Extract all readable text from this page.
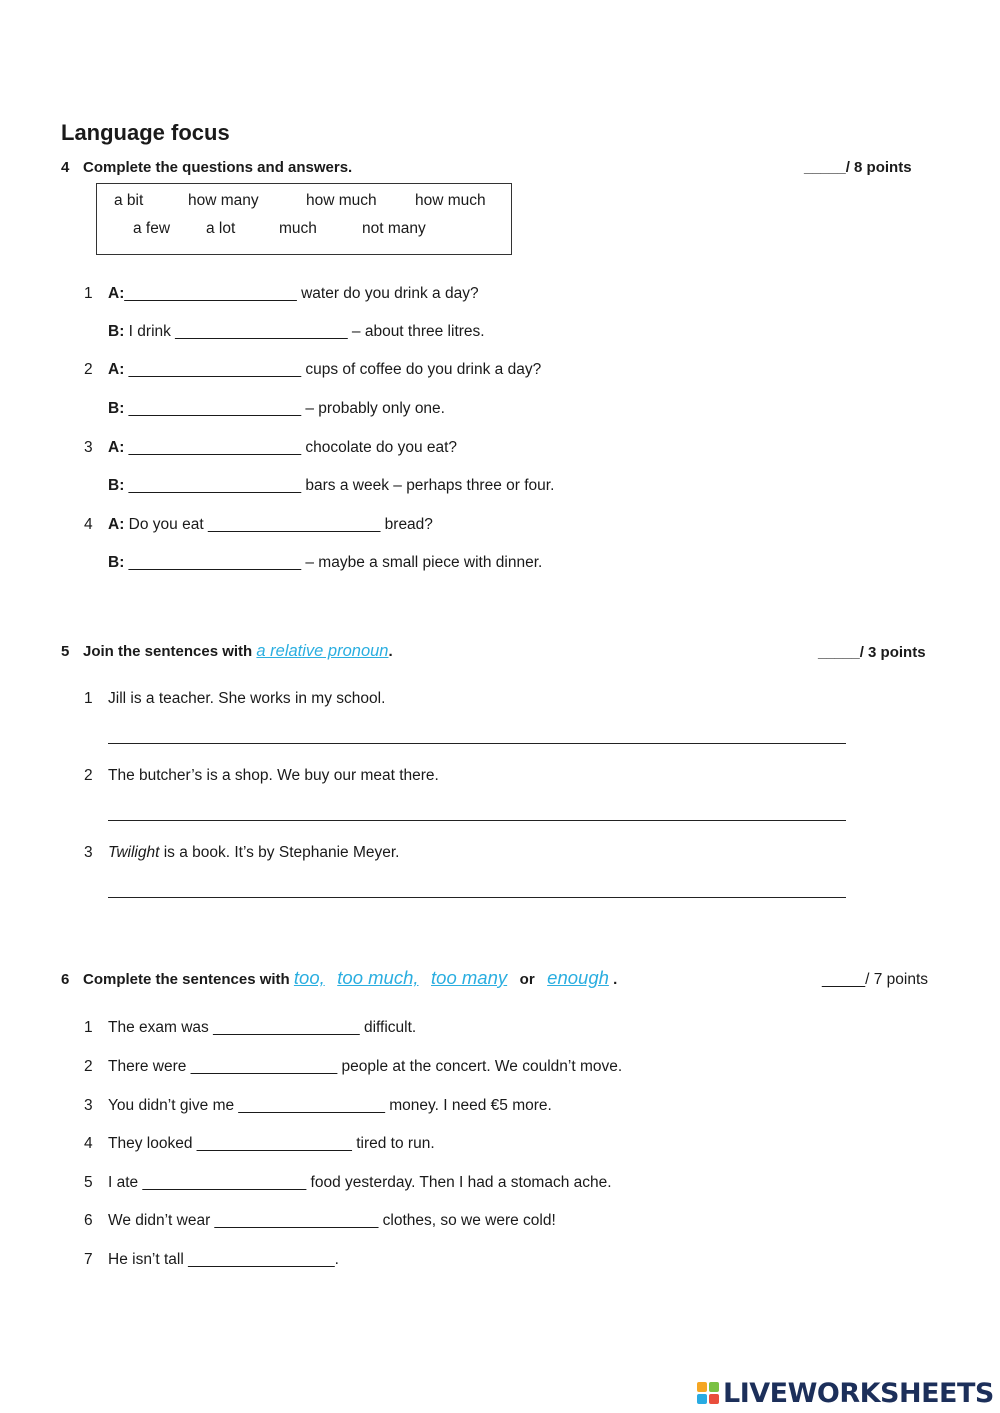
Language focus
4 Complete the questions and answers.	_____/ 8 points
a bit	how many	how much how much
a few a lot	much	not many
1 A:____________________ water do you drink a day?
B: I drink ____________________ – about three litres.
2 A: ____________________ cups of coffee do you drink a day?
B: ____________________ – probably only one.
3 A: ____________________ chocolate do you eat?
B: ____________________ bars a week – perhaps three or four.
4 A: Do you eat ____________________ bread?
B: ____________________ – maybe a small piece with dinner.
5 Join the sentences with a relative pronoun.	_____/ 3 points
1 Jill is a teacher. She works in my school.
2 The butcher’s is a shop. We buy our meat there.
3 Twilight is a book. It’s by Stephanie Meyer.
6 Complete the sentences with too, too much, too many or enough .	_____/ 7 points
1 The exam was _________________ difficult.
2 There were _________________ people at the concert. We couldn’t move.
3 You didn’t give me _________________ money. I need €5 more.
4 They looked __________________ tired to run.
5 I ate ___________________ food yesterday. Then I had a stomach ache.
6 We didn’t wear ___________________ clothes, so we were cold!
7 He isn’t tall _________________.
LIVEWORKSHEETS
